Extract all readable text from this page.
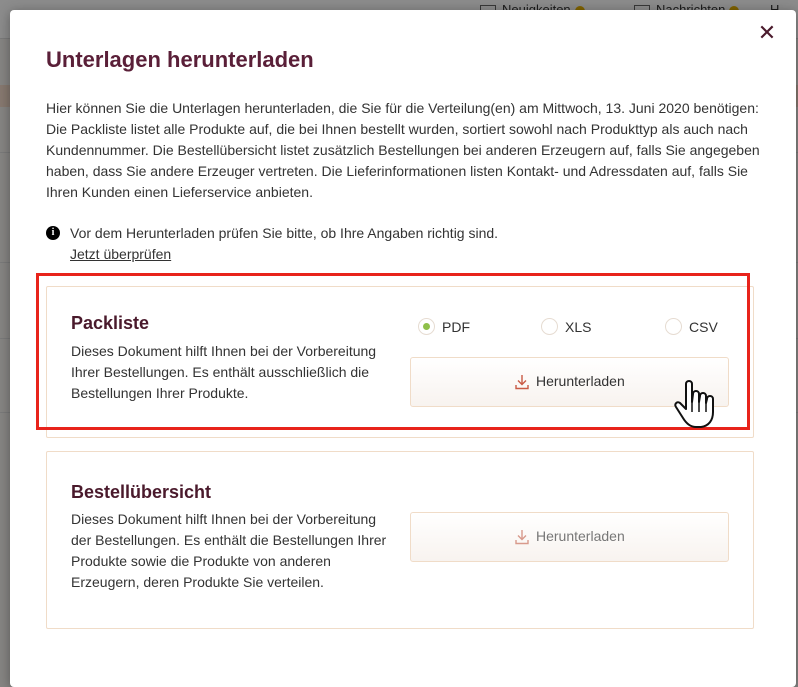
✕
Unterlagen herunterladen
Hier können Sie die Unterlagen herunterladen, die Sie für die Verteilung(en) am Mittwoch, 13. Juni 2020 benötigen: Die Packliste listet alle Produkte auf, die bei Ihnen bestellt wurden, sortiert sowohl nach Produkttyp als auch nach Kundennummer. Die Bestellübersicht listet zusätzlich Bestellungen bei anderen Erzeugern auf, falls Sie angegeben haben, dass Sie andere Erzeuger vertreten. Die Lieferinformationen listen Kontakt- und Adressdaten auf, falls Sie Ihren Kunden einen Lieferservice anbieten.
i	Vor dem Herunterladen prüfen Sie bitte, ob Ihre Angaben richtig sind.
Jetzt überprüfen
Packliste
Dieses Dokument hilft Ihnen bei der Vorbereitung Ihrer Bestellungen. Es enthält ausschließlich die Bestellungen Ihrer Produkte.
PDF	XLS	CSV
Herunterladen
Bestellübersicht
Dieses Dokument hilft Ihnen bei der Vorbereitung der Bestellungen. Es enthält die Bestellungen Ihrer Produkte sowie die Produkte von anderen Erzeugern, deren Produkte Sie verteilen.
Herunterladen
